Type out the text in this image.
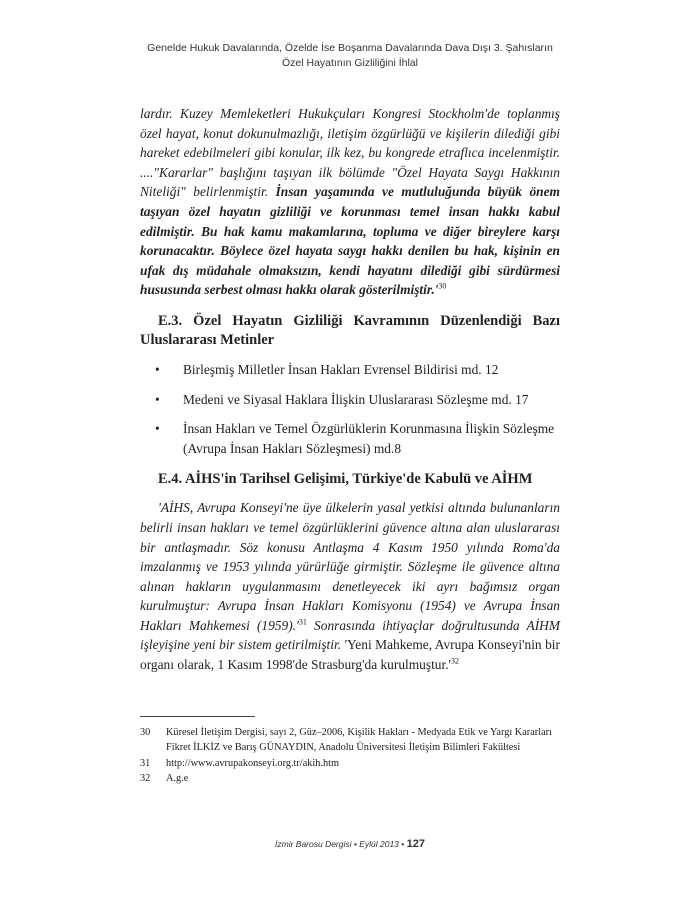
Genelde Hukuk Davalarında, Özelde İse Boşanma Davalarında Dava Dışı 3. Şahısların
Özel Hayatının Gizliliğini İhlal

lardır. Kuzey Memleketleri Hukukçuları Kongresi Stockholm'de toplanmış özel hayat, konut dokunulmazlığı, iletişim özgürlüğü ve kişilerin dilediği gibi hareket edebilmeleri gibi konular, ilk kez, bu kongrede etraflıca incelenmiştir. ...."Kararlar" başlığını taşıyan ilk bölümde "Özel Hayata Saygı Hakkının Niteliği" belirlenmiştir. İnsan yaşamında ve mutluluğunda büyük önem taşıyan özel hayatın gizliliği ve korunması temel insan hakkı kabul edilmiştir. Bu hak kamu makamlarına, topluma ve diğer bireylere karşı korunacaktır. Böylece özel hayata saygı hakkı denilen bu hak, kişinin en ufak dış müdahale olmaksızın, kendi hayatını dilediği gibi sürdürmesi hususunda serbest olması hakkı olarak $gösterilmiştir.'^{30}$

E.3. Özel Hayatın Gizliliği Kavramının Düzenlendiği Bazı Uluslararası Metinler

• Birleşmiş Milletler İnsan Hakları Evrensel Bildirisi md. 12
• Medeni ve Siyasal Haklara İlişkin Uluslararası Sözleşme md. 17
• İnsan Hakları ve Temel Özgürlüklerin Korunmasına İlişkin Sözleşme (Avrupa İnsan Hakları Sözleşmesi) md.8

E.4. AİHS'in Tarihsel Gelişimi, Türkiye'de Kabulü ve AİHM

'AİHS, Avrupa Konseyi'ne üye ülkelerin yasal yetkisi altında bulunanların belirli insan hakları ve temel özgürlüklerini güvence altına alan uluslararası bir antlaşmadır. Söz konusu Antlaşma 4 Kasım 1950 yılında Roma'da imzalanmış ve 1953 yılında yürürlüğe girmiştir. Sözleşme ile güvence altına alınan hakların uygulanmasını denetleyecek iki ayrı bağımsız organ kurulmuştur: Avrupa İnsan Hakları Komisyonu (1954) ve Avrupa İnsan Hakları Mahkemesi $(1959).'^{31}$ Sonrasında ihtiyaçlar doğrultusunda AİHM işleyişine yeni bir sistem getirilmiştir. 'Yeni Mahkeme, Avrupa Konseyi'nin bir organı olarak, 1 Kasım 1998'de Strasburg'da $kurulmuştur.'^{32}$

30 Küresel İletişim Dergisi, sayı 2, Güz–2006, Kişilik Hakları - Medyada Etik ve Yargı Kararları Fikret İLKİZ ve Barış GÜNAYDIN, Anadolu Üniversitesi İletişim Bilimleri Fakültesi
31 http://www.avrupakonseyi.org.tr/akih.htm
32 A.g.e
İzmir Barosu Dergisi • Eylül 2013 • 127
